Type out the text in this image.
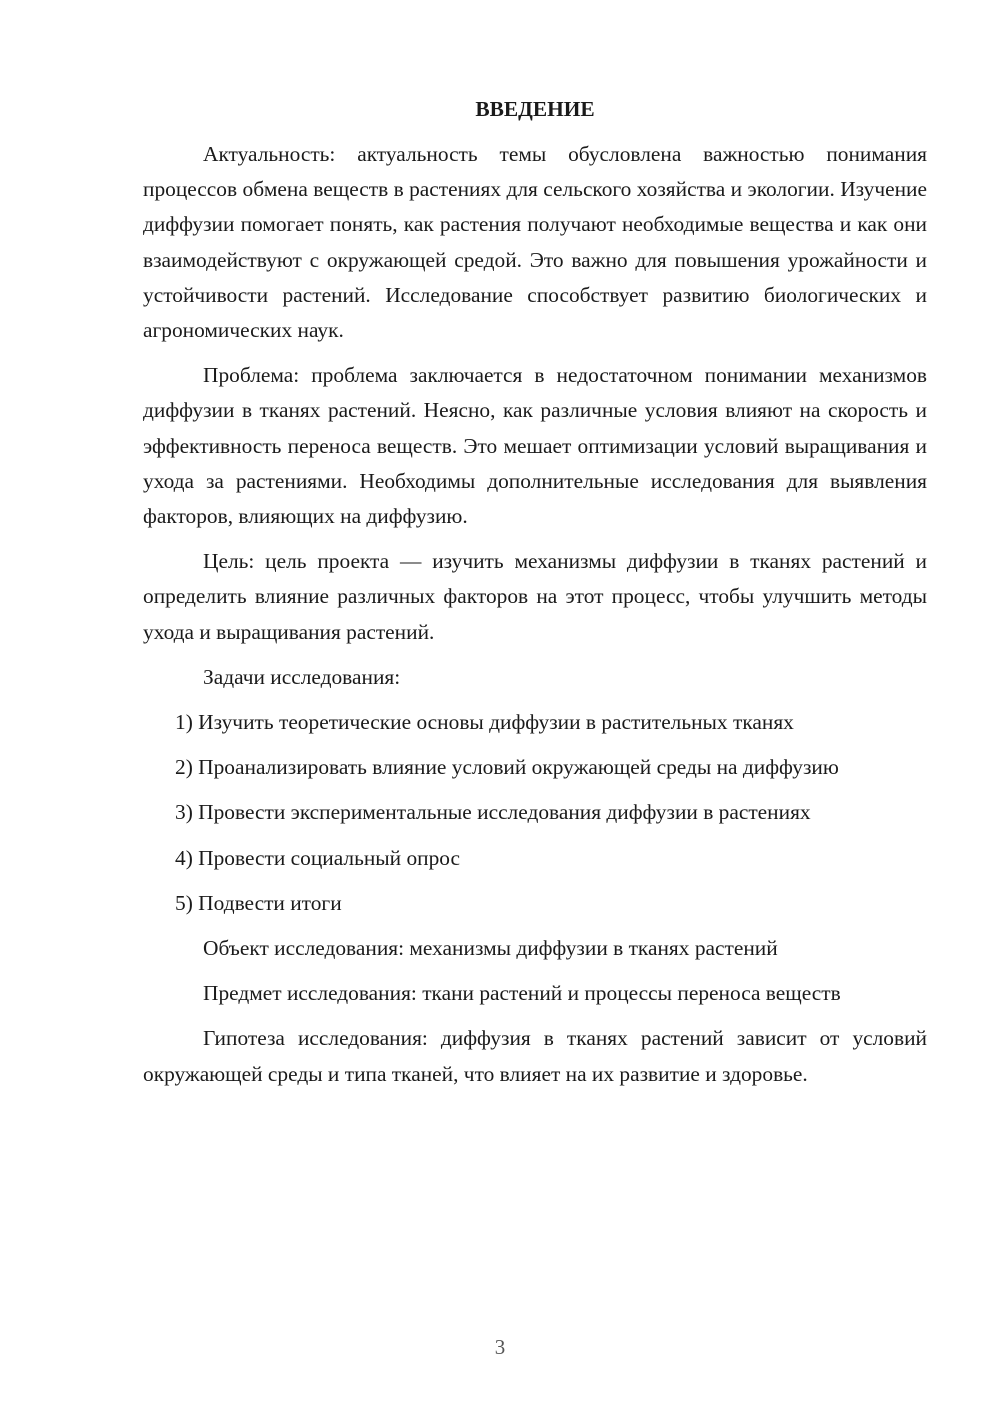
ВВЕДЕНИЕ

Актуальность: актуальность темы обусловлена важностью понимания процессов обмена веществ в растениях для сельского хозяйства и экологии. Изучение диффузии помогает понять, как растения получают необходимые вещества и как они взаимодействуют с окружающей средой. Это важно для повышения урожайности и устойчивости растений. Исследование способствует развитию биологических и агрономических наук.

Проблема: проблема заключается в недостаточном понимании механизмов диффузии в тканях растений. Неясно, как различные условия влияют на скорость и эффективность переноса веществ. Это мешает оптимизации условий выращивания и ухода за растениями. Необходимы дополнительные исследования для выявления факторов, влияющих на диффузию.

Цель: цель проекта — изучить механизмы диффузии в тканях растений и определить влияние различных факторов на этот процесс, чтобы улучшить методы ухода и выращивания растений.

Задачи исследования:

1) Изучить теоретические основы диффузии в растительных тканях

2) Проанализировать влияние условий окружающей среды на диффузию

3) Провести экспериментальные исследования диффузии в растениях

4) Провести социальный опрос

5) Подвести итоги

Объект исследования: механизмы диффузии в тканях растений

Предмет исследования: ткани растений и процессы переноса веществ

Гипотеза исследования: диффузия в тканях растений зависит от условий окружающей среды и типа тканей, что влияет на их развитие и здоровье.

3
